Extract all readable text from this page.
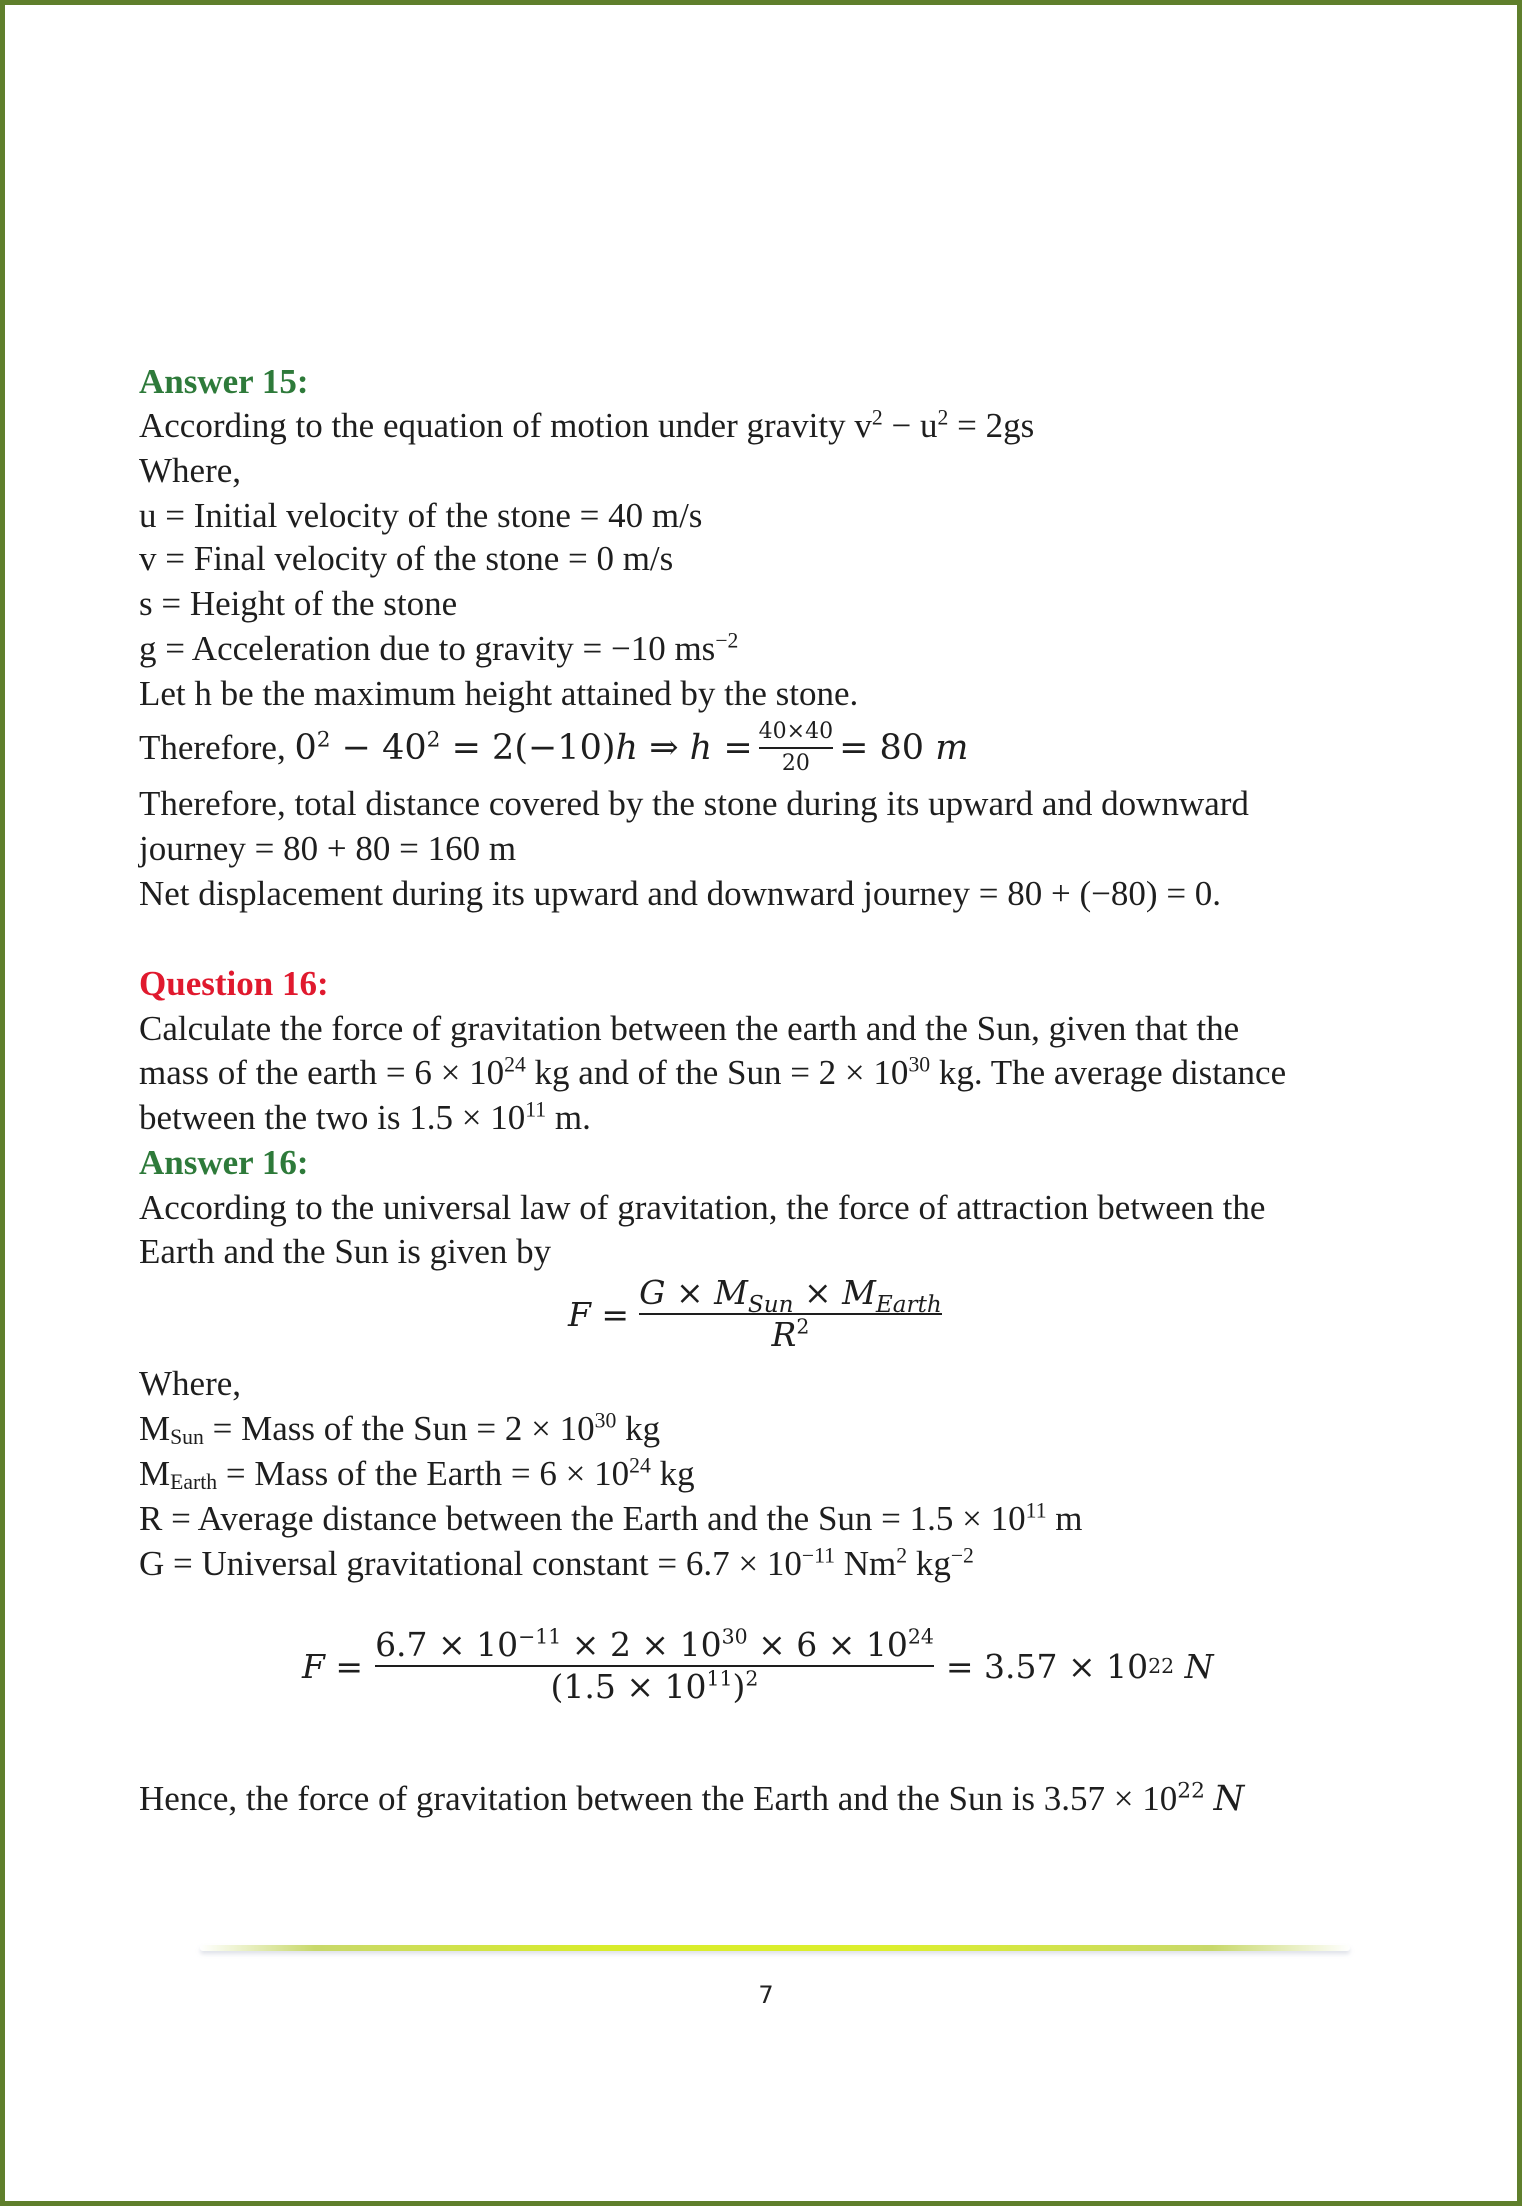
Answer 15:
According to the equation of motion under gravity $v^2 - u^2 = 2gs$
Where,
u = Initial velocity of the stone = 40 m/s
v = Final velocity of the stone = 0 m/s
s = Height of the stone
g = Acceleration due to gravity = −10 $ms^{-2}$
Let h be the maximum height attained by the stone.
Therefore,
$0^2 - 40^2 = 2(-10)h$ ⇒ $h = \frac{40\times 40}{20} = 80$ m
Therefore, total distance covered by the stone during its upward and downward
journey = 80 + 80 = 160 m
Net displacement during its upward and downward journey = 80 + (−80) = 0.
Question 16:
Calculate the force of gravitation between the earth and the Sun, given that the
mass of the earth = $6 \times 10^{24}$ kg and of the Sun = $2 \times 10^{30}$ kg. The average distance
between the two is $1.5 \times 10^{11}$ m.
Answer 16:
According to the universal law of gravitation, the force of attraction between the
Earth and the Sun is given by
F
= $\frac{G \times M_{Sun} \times M_{Earth}}{R^2}$
Where,
$M_{Sun}$ = Mass of the Sun = $2 \times 10^{30}$ kg
$M_{Earth}$ = Mass of the Earth = $6 \times 10^{24}$ kg
R = Average distance between the Earth and the Sun = $1.5 \times 10^{11}$ m
G = Universal gravitational constant = $6.7 \times 10^{-11}$ Nm$^2$ $kg^{-2}$
F
= $\frac{6.7 \times 10^{-11} \times 2 \times 10^{30} \times 6 \times 10^{24}}{(1.5 \times 10^{11})^2} = 3.57 \times 10$ 22
N
Hence, the force of gravitation between the Earth and the Sun is $3.57 \times 10^{22}$ N
7
